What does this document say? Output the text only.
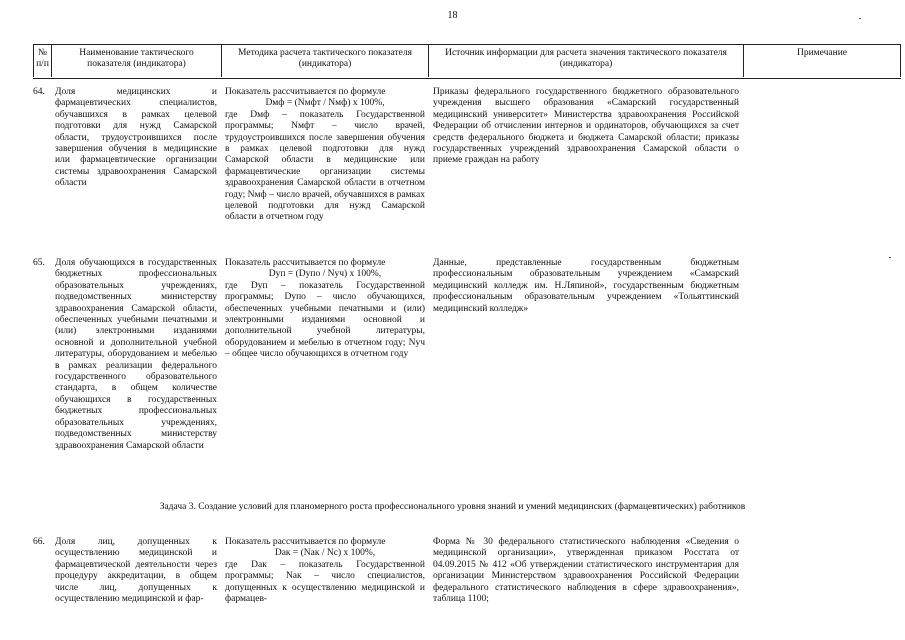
18
№ п/п
Наименование тактического показателя (индикатора)
Методика расчета тактического показателя (индикатора)
Источник информации для расчета значения тактического показателя (индикатора)
Примечание
64. Доля медицинских и фармацевтических специалистов, обучавшихся в рамках целевой подготовки для нужд Самарской области, трудоустроившихся после завершения обучения в медицинские или фармацевтические организации системы здравоохранения Самарской области
Показатель рассчитывается по формуле
Dмф = (Nмфт / Nмф) x 100%,
где Dмф – показатель Государственной программы; Nмфт – число врачей, трудоустроившихся после завершения обучения в рамках целевой подготовки для нужд Самарской области в медицинские или фармацевтические организации системы здравоохранения Самарской области в отчетном году; Nмф – число врачей, обучавшихся в рамках целевой подготовки для нужд Самарской области в отчетном году
Приказы федерального государственного бюджетного образовательного учреждения высшего образования «Самарский государственный медицинский университет» Министерства здравоохранения Российской Федерации об отчислении интернов и ординаторов, обучающихся за счет средств федерального бюджета и бюджета Самарской области; приказы государственных учреждений здравоохранения Самарской области о приеме граждан на работу
65. Доля обучающихся в государственных бюджетных профессиональных образовательных учреждениях, подведомственных министерству здравоохранения Самарской области, обеспеченных учебными печатными и (или) электронными изданиями основной и дополнительной учебной литературы, оборудованием и мебелью в рамках реализации федерального государственного образовательного стандарта, в общем количестве обучающихся в государственных бюджетных профессиональных образовательных учреждениях, подведомственных министерству здравоохранения Самарской области
Показатель рассчитывается по формуле
Dуп = (Dупо / Nуч) x 100%,
где Dуп – показатель Государственной программы; Dупо – число обучающихся, обеспеченных учебными печатными и (или) электронными изданиями основной и дополнительной учебной литературы, оборудованием и мебелью в отчетном году; Nуч – общее число обучающихся в отчетном году
Данные, представленные государственным бюджетным профессиональным образовательным учреждением «Самарский медицинский колледж им. Н.Ляпиной», государственным бюджетным профессиональным образовательным учреждением «Тольяттинский медицинский колледж»
Задача 3. Создание условий для планомерного роста профессионального уровня знаний и умений медицинских (фармацевтических) работников
66. Доля лиц, допущенных к осуществлению медицинской и фармацевтической деятельности через процедуру аккредитации, в общем числе лиц, допущенных к осуществлению медицинской и фар-
Показатель рассчитывается по формуле
Dак = (Nак / Nс) x 100%,
где Dак – показатель Государственной программы; Nак – число специалистов, допущенных к осуществлению медицинской и фармацев-
Форма № 30 федерального статистического наблюдения «Сведения о медицинской организации», утвержденная приказом Росстата от 04.09.2015 № 412 «Об утверждении статистического инструментария для организации Министерством здравоохранения Российской Федерации федерального статистического наблюдения в сфере здравоохранения», таблица 1100;
